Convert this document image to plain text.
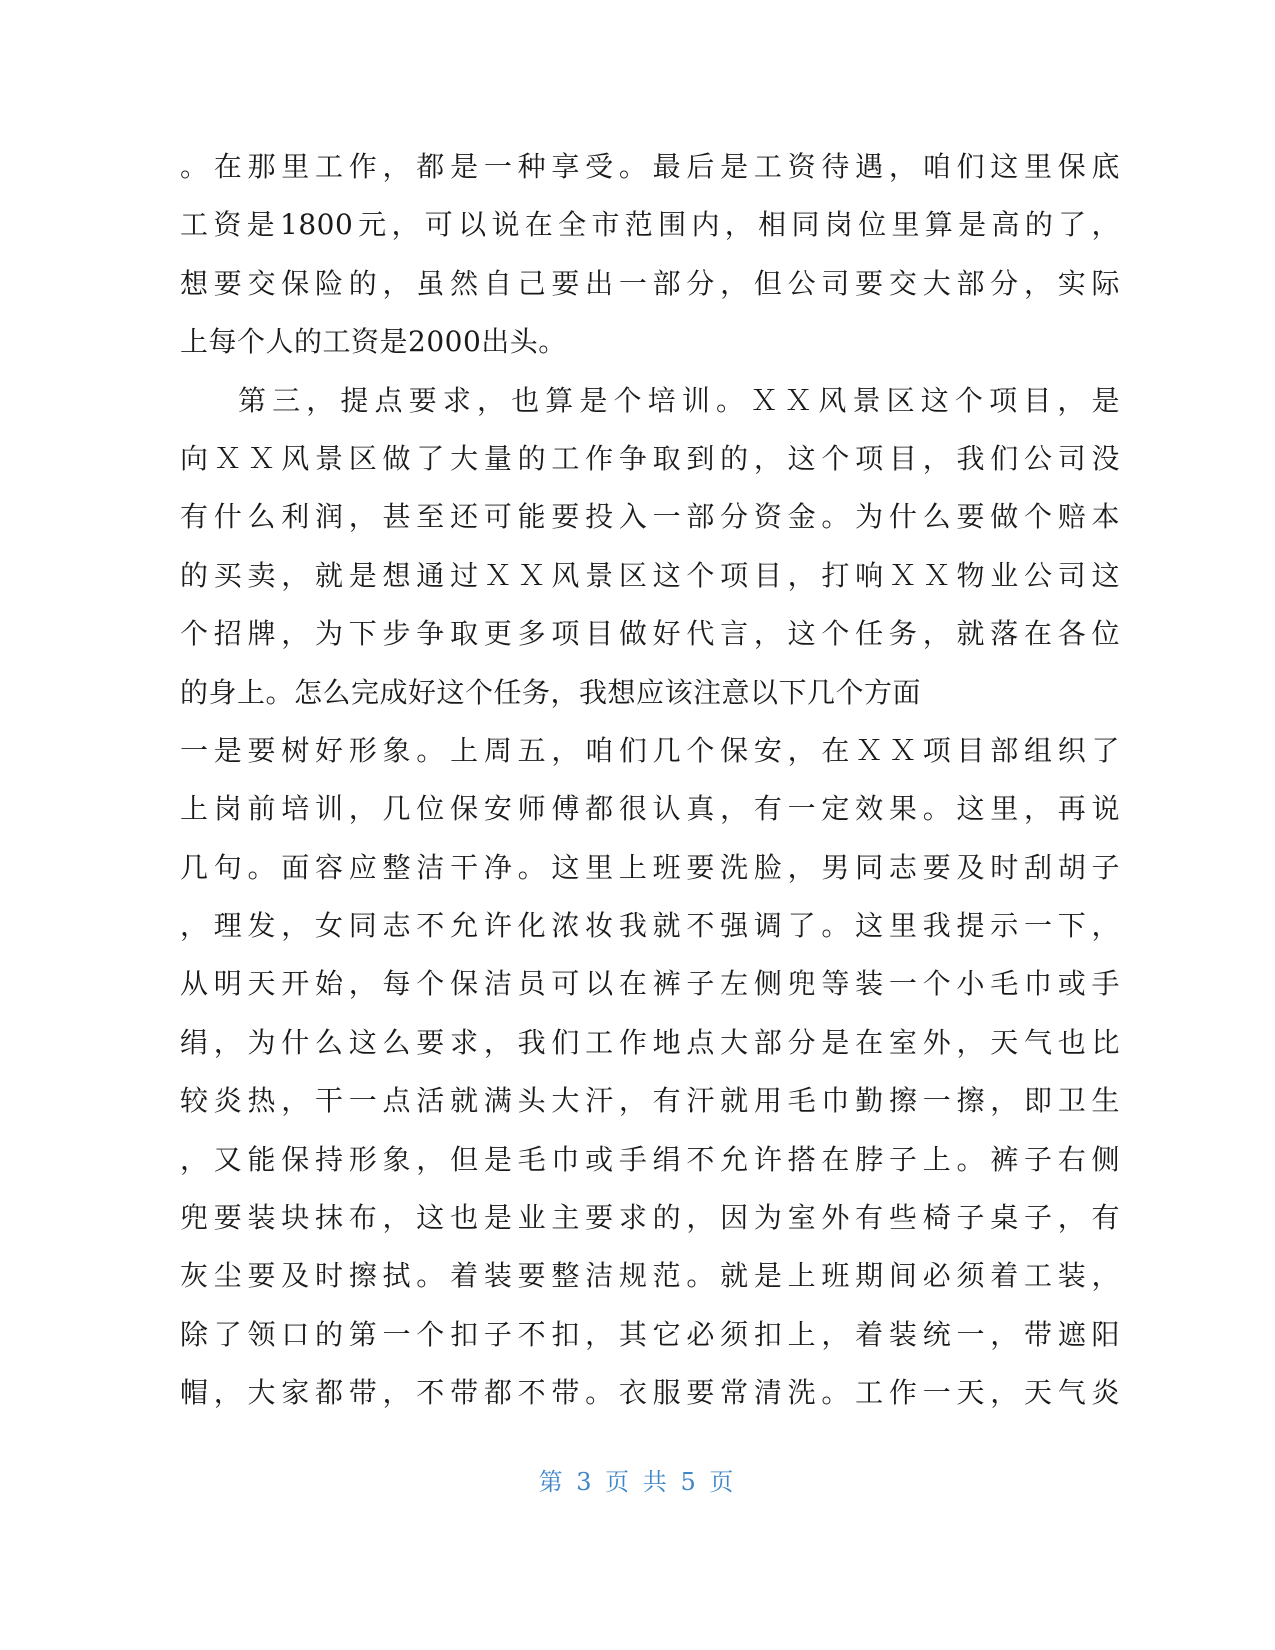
。在那里工作，都是一种享受。最后是工资待遇，咱们这里保底
工资是1800元，可以说在全市范围内，相同岗位里算是高的了，
想要交保险的，虽然自己要出一部分，但公司要交大部分，实际
上每个人的工资是2000出头。
第三，提点要求，也算是个培训。ＸＸ风景区这个项目，是
向ＸＸ风景区做了大量的工作争取到的，这个项目，我们公司没
有什么利润，甚至还可能要投入一部分资金。为什么要做个赔本
的买卖，就是想通过ＸＸ风景区这个项目，打响ＸＸ物业公司这
个招牌，为下步争取更多项目做好代言，这个任务，就落在各位
的身上。怎么完成好这个任务，我想应该注意以下几个方面
一是要树好形象。上周五，咱们几个保安，在ＸＸ项目部组织了
上岗前培训，几位保安师傅都很认真，有一定效果。这里，再说
几句。面容应整洁干净。这里上班要洗脸，男同志要及时刮胡子
，理发，女同志不允许化浓妆我就不强调了。这里我提示一下，
从明天开始，每个保洁员可以在裤子左侧兜等装一个小毛巾或手
绢，为什么这么要求，我们工作地点大部分是在室外，天气也比
较炎热，干一点活就满头大汗，有汗就用毛巾勤擦一擦，即卫生
，又能保持形象，但是毛巾或手绢不允许搭在脖子上。裤子右侧
兜要装块抹布，这也是业主要求的，因为室外有些椅子桌子，有
灰尘要及时擦拭。着装要整洁规范。就是上班期间必须着工装，
除了领口的第一个扣子不扣，其它必须扣上，着装统一，带遮阳
帽，大家都带，不带都不带。衣服要常清洗。工作一天，天气炎
第 3 页 共 5 页
